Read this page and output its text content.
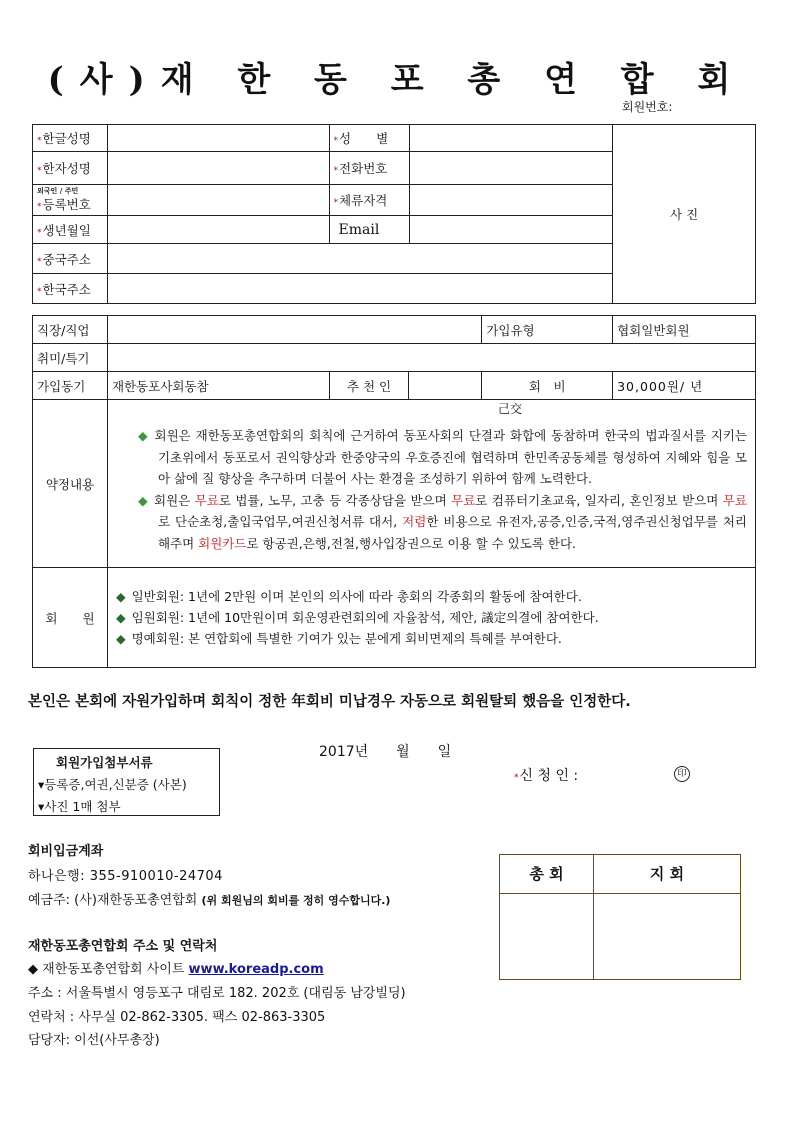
(사)재 한 동 포 총 연 합 회
회원번호:
*한글성명		*성　　별		사 진
*한자성명		*전화번호		

외국인 / 주민
*등록번호		*체류자격		
*생년월일		Email		
*중국주소				
*한국주소				
직장/직업				가입유형	협회일반회원
취미/특기					
가입동기	재한동포사회동참	추 천 인		회　비	30,000원/ 년
약정내용	己交

◆ 회원은 재한동포총연합회의 회칙에 근거하여 동포사회의 단결과 화합에 동참하며 한국의 법과질서를 지키는 기초위에서 동포로서 권익향상과 한중양국의 우호증진에 협력하며 한민족공동체를 형성하여 지혜와 힘을 모아 삶에 질 향상을 추구하며 더불어 사는 환경을 조성하기 위하여 함께 노력한다.

◆ 회원은 무료로 법률, 노무, 고충 등 각종상담을 받으며 무료로 컴퓨터기초교육, 일자리, 혼인정보 받으며 무료로 단순초청,출입국업무,여권신청서류 대서, 저렴한 비용으로 유전자,공증,인증,국적,영주권신청업무를 처리해주며 회원카드로 항공권,은행,전철,행사입장권으로 이용 할 수 있도록 한다.				

회　　원	◆ 일반회원: 1년에 2만원 이며 본인의 의사에 따라 총회의 각종회의 활동에 참여한다.

◆ 임원회원: 1년에 10만원이며 회운영관련회의에 자율참석, 제안, 議定의결에 참여한다.

◆ 명예회원: 본 연합회에 특별한 기여가 있는 분에게 회비면제의 특혜를 부여한다.				

본인은 본회에 자원가입하며 회칙이 정한 年회비 미납경우 자동으로 회원탈퇴 했음을 인정한다.
회원가입첨부서류
▾등록증,여권,신분증 (사본)
▾사진 1매 첨부
2017년　　월　　일
*신 청 인 :	印
회비입금계좌
하나은행: 355-910010-24704
예금주: (사)재한동포총연합회 (위 회원님의 회비를 정히 영수합니다.)
총 회	지 회
재한동포총연합회 주소 및 연락처
◆ 재한동포총연합회 사이트 www.koreadp.com
주소 : 서울특별시 영등포구 대림로 182. 202호 (대림동 남강빌딩)
연락처 : 사무실 02-862-3305. 팩스 02-863-3305
담당자: 이선(사무총장)
